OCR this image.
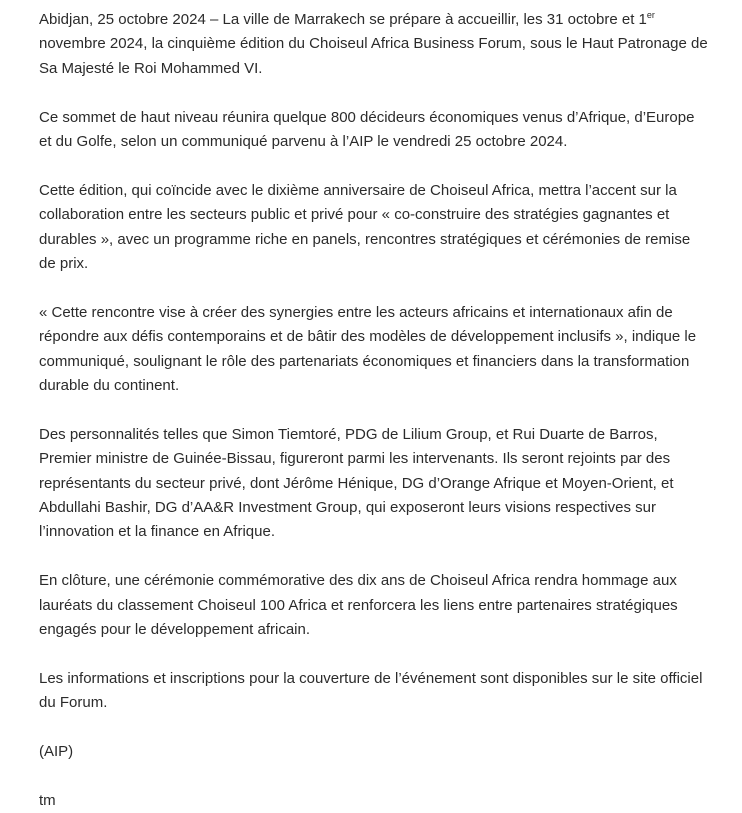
Abidjan, 25 octobre 2024 – La ville de Marrakech se prépare à accueillir, les 31 octobre et 1er novembre 2024, la cinquième édition du Choiseul Africa Business Forum, sous le Haut Patronage de Sa Majesté le Roi Mohammed VI.

Ce sommet de haut niveau réunira quelque 800 décideurs économiques venus d’Afrique, d’Europe et du Golfe, selon un communiqué parvenu à l’AIP le vendredi 25 octobre 2024.

Cette édition, qui coïncide avec le dixième anniversaire de Choiseul Africa, mettra l’accent sur la collaboration entre les secteurs public et privé pour « co-construire des stratégies gagnantes et durables », avec un programme riche en panels, rencontres stratégiques et cérémonies de remise de prix.

« Cette rencontre vise à créer des synergies entre les acteurs africains et internationaux afin de répondre aux défis contemporains et de bâtir des modèles de développement inclusifs », indique le communiqué, soulignant le rôle des partenariats économiques et financiers dans la transformation durable du continent.

Des personnalités telles que Simon Tiemtoré, PDG de Lilium Group, et Rui Duarte de Barros, Premier ministre de Guinée-Bissau, figureront parmi les intervenants. Ils seront rejoints par des représentants du secteur privé, dont Jérôme Hénique, DG d’Orange Afrique et Moyen-Orient, et Abdullahi Bashir, DG d’AA&R Investment Group, qui exposeront leurs visions respectives sur l’innovation et la finance en Afrique.

En clôture, une cérémonie commémorative des dix ans de Choiseul Africa rendra hommage aux lauréats du classement Choiseul 100 Africa et renforcera les liens entre partenaires stratégiques engagés pour le développement africain.

Les informations et inscriptions pour la couverture de l’événement sont disponibles sur le site officiel du Forum.

(AIP)

tm
